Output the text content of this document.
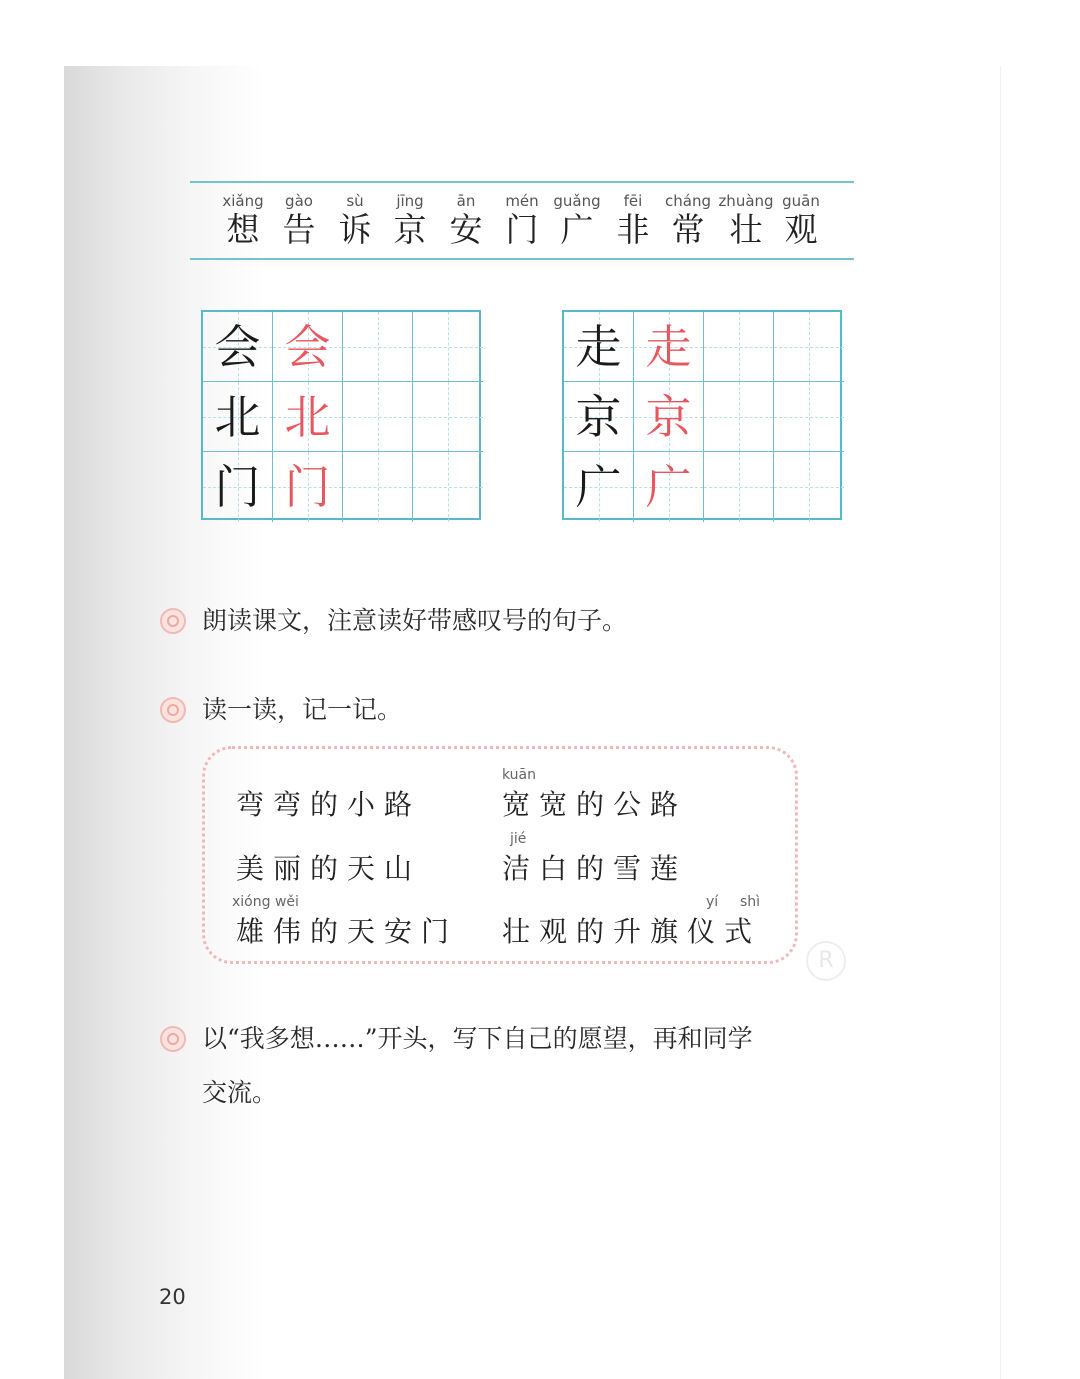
xiǎng
想
gào
告
sù
诉
jīng
京
ān
安
mén
门
guǎng
广
fēi
非
cháng
常
zhuàng
壮
guān
观
会 会
北 北
门 门
走 走
京 京
广 广
朗读课文，注意读好带感叹号的句子。
读一读，记一记。
弯弯的小路
kuān
宽宽的公路
美丽的天山
jié
洁白的雪莲
xióng wěi
雄伟的天安门
yí shì
壮观的升旗仪式
R
以“我多想……”开头，写下自己的愿望，再和同学
交流。
20
